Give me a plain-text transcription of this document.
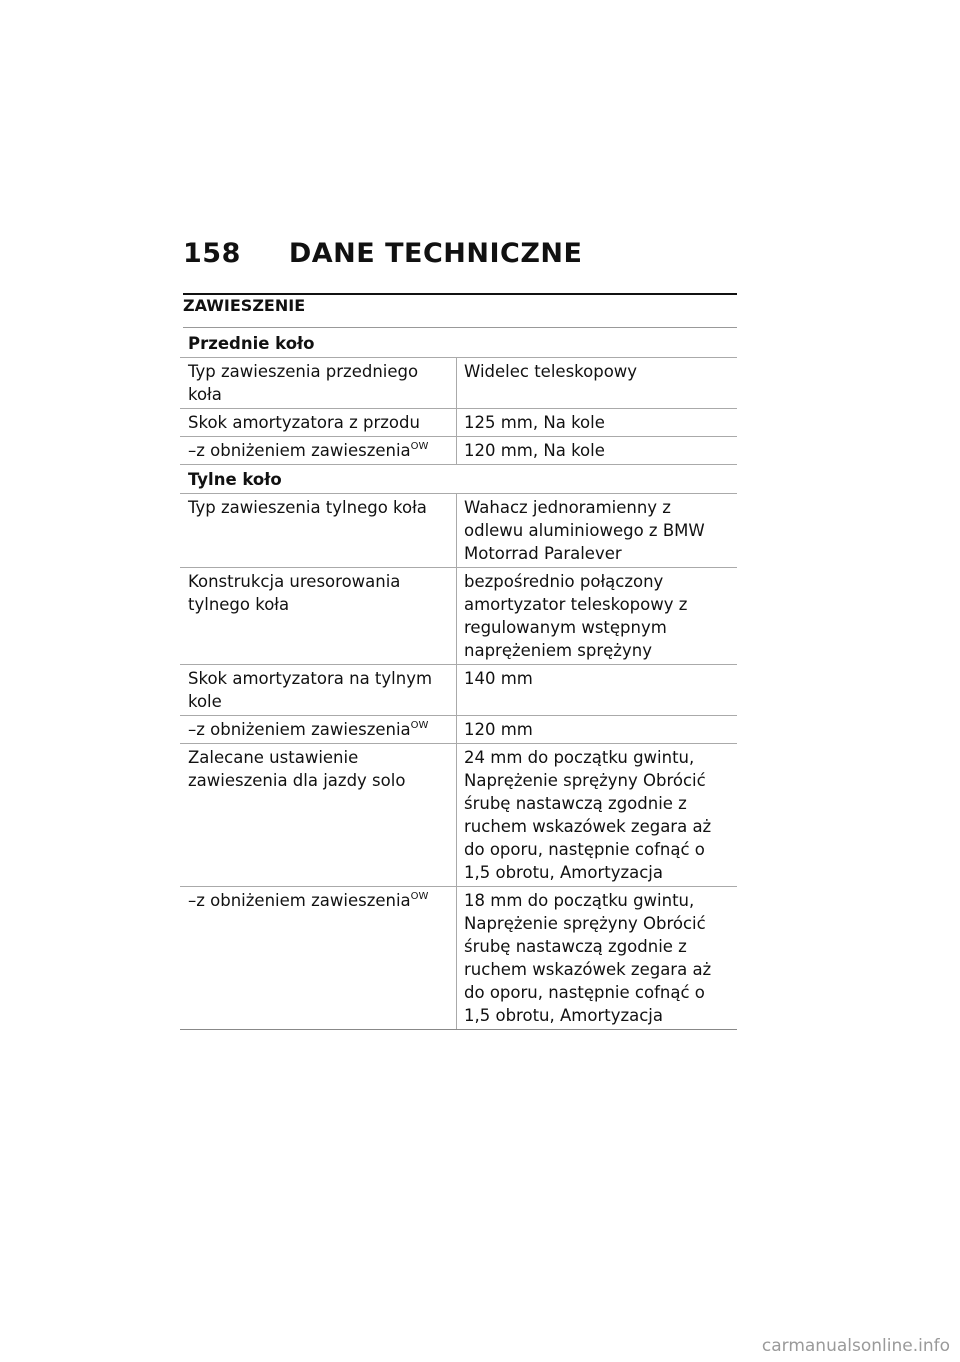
158 DANE TECHNICZNE
ZAWIESZENIE
Przednie koło	
Typ zawieszenia przedniego koła	Widelec teleskopowy
Skok amortyzatora z przodu	125 mm, Na kole
–z obniżeniem zawieszenia$^{OW}$	120 mm, Na kole
Tylne koło	
Typ zawieszenia tylnego koła	Wahacz jednoramienny z odlewu aluminiowego z BMW Motorrad Paralever
Konstrukcja uresorowania tylnego koła	bezpośrednio połączony amortyzator teleskopowy z regulowanym wstępnym naprężeniem sprężyny
Skok amortyzatora na tylnym kole	140 mm
–z obniżeniem zawieszenia$^{OW}$	120 mm
Zalecane ustawienie zawieszenia dla jazdy solo	24 mm do początku gwintu, Naprężenie sprężyny Obrócić śrubę nastawczą zgodnie z ruchem wskazówek zegara aż do oporu, następnie cofnąć o 1,5 obrotu, Amortyzacja
–z obniżeniem zawieszenia$^{OW}$	18 mm do początku gwintu, Naprężenie sprężyny Obrócić śrubę nastawczą zgodnie z ruchem wskazówek zegara aż do oporu, następnie cofnąć o 1,5 obrotu, Amortyzacja
carmanualsonline.info
